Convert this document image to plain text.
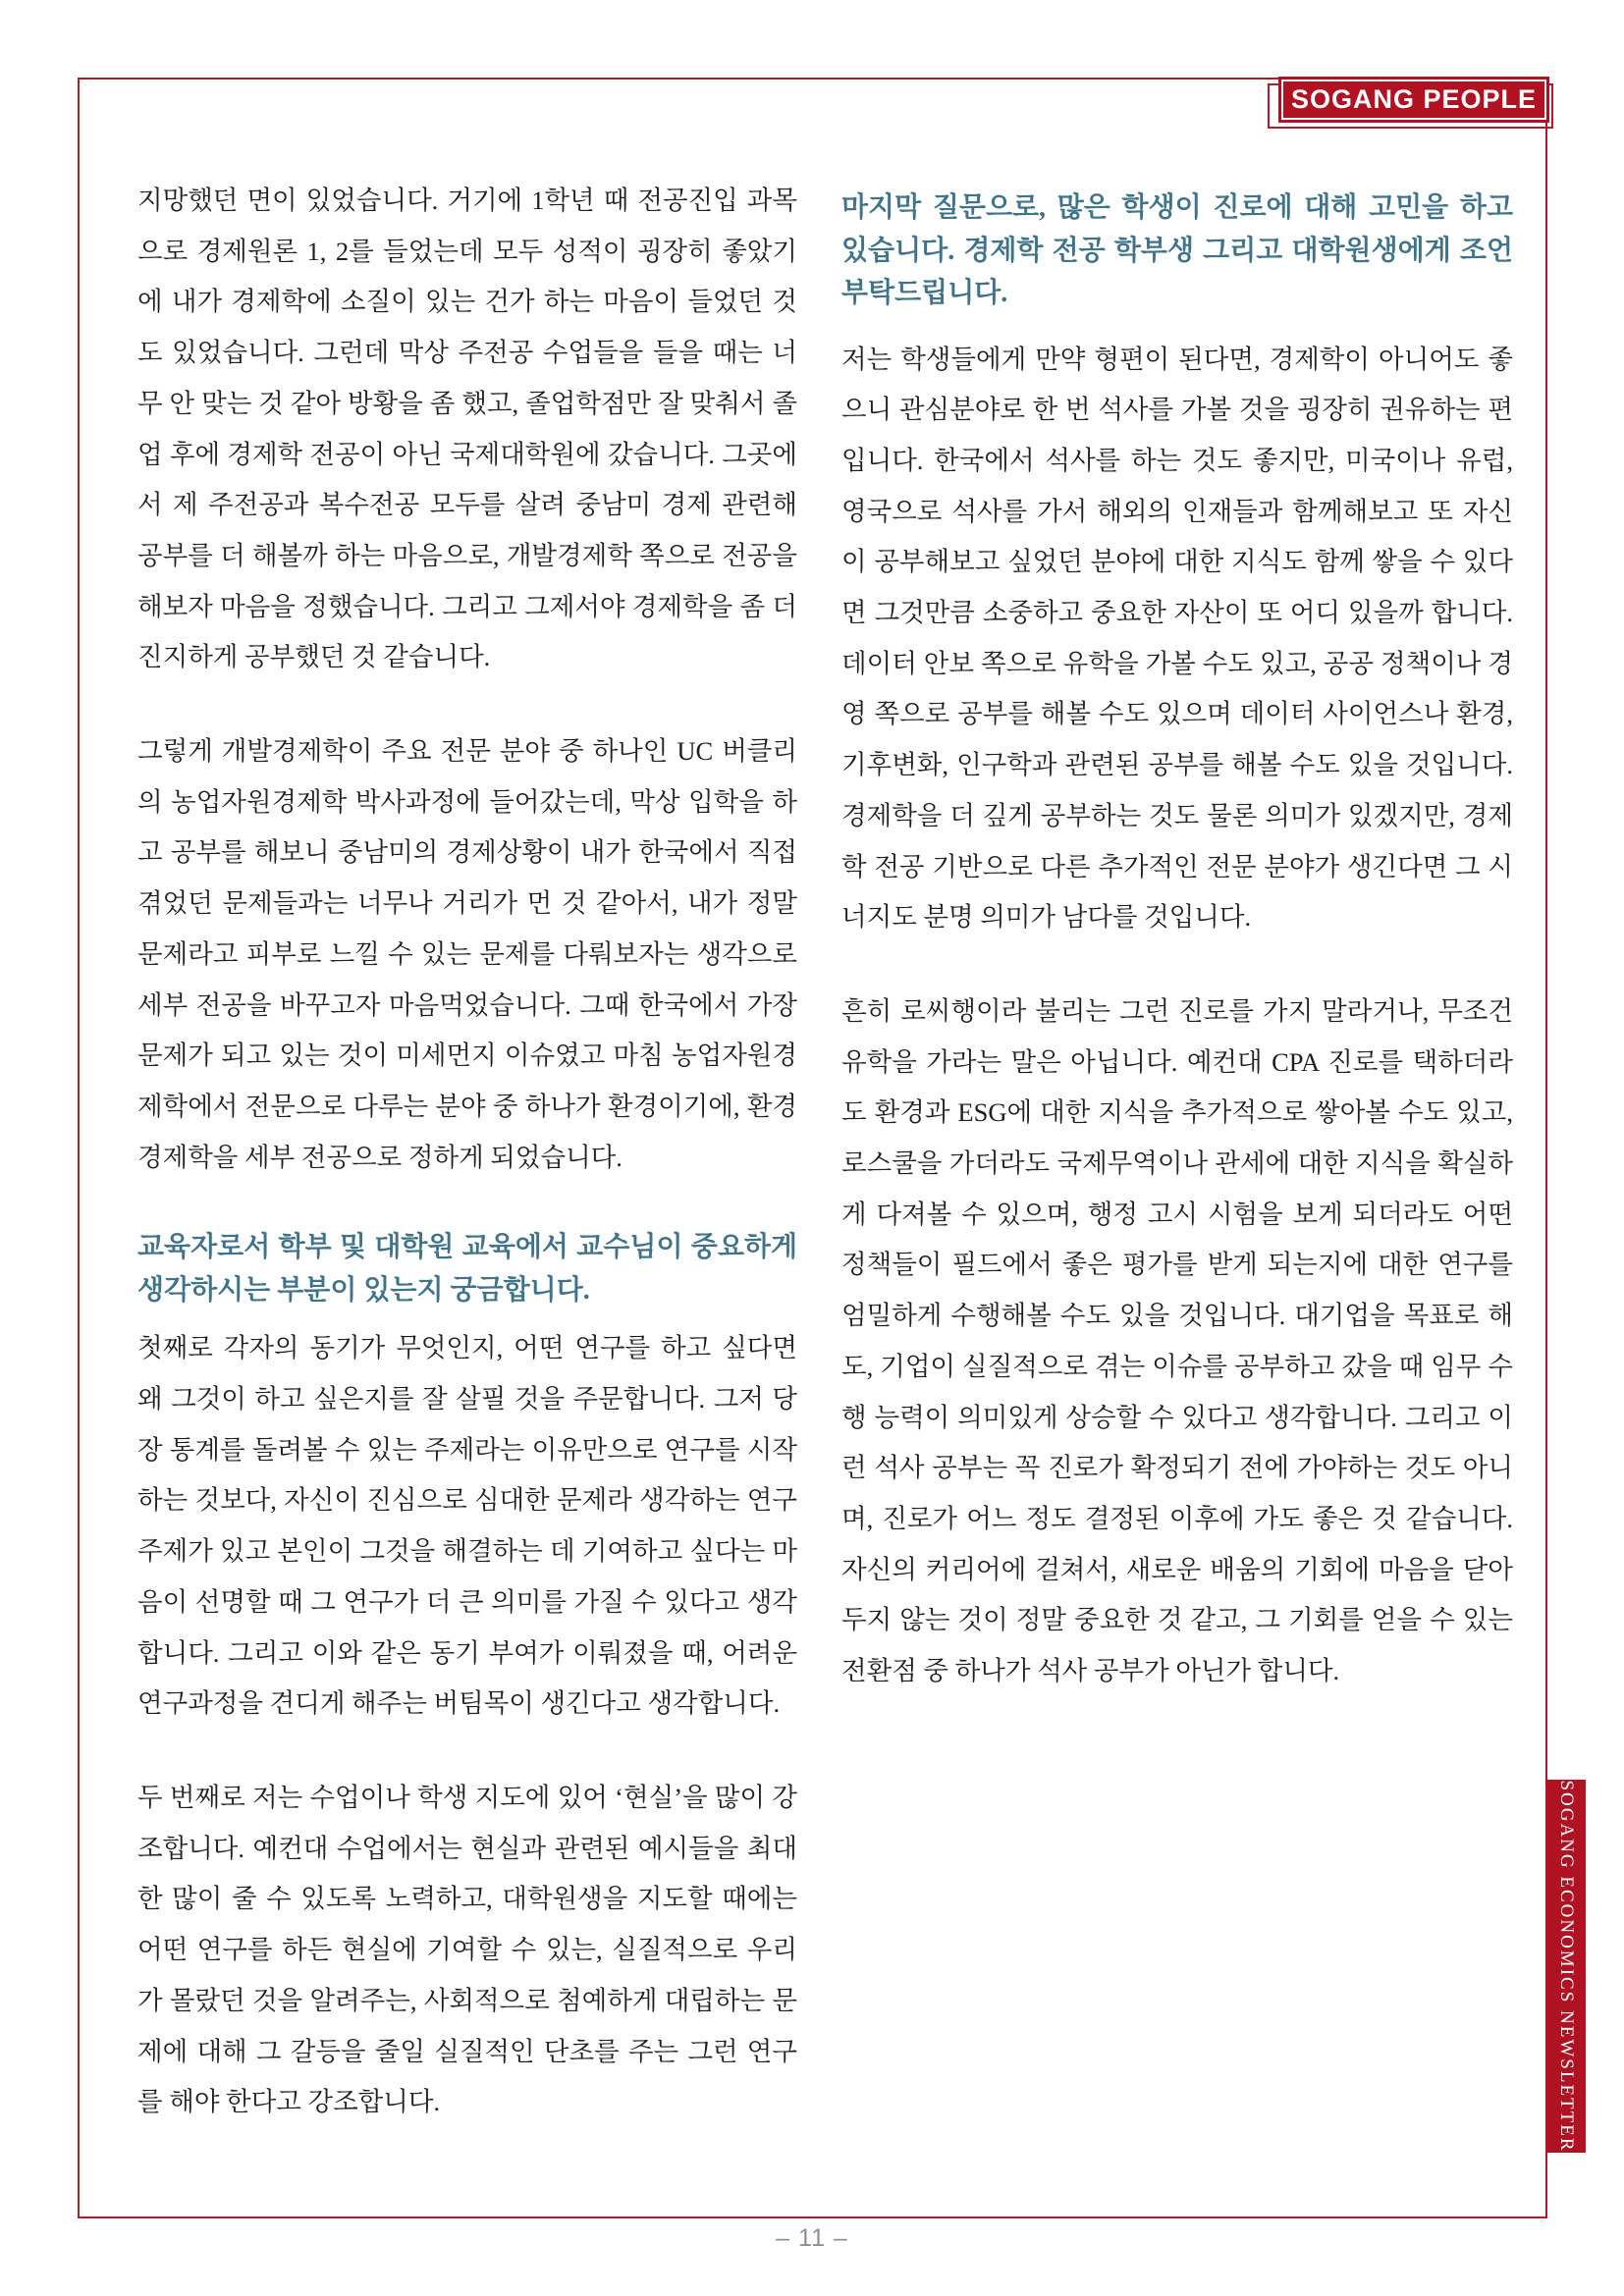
SOGANG PEOPLE

지망했던 면이 있었습니다. 거기에 1학년 때 전공진입 과목으로 경제원론 1, 2를 들었는데 모두 성적이 굉장히 좋았기에 내가 경제학에 소질이 있는 건가 하는 마음이 들었던 것도 있었습니다. 그런데 막상 주전공 수업들을 들을 때는 너무 안 맞는 것 같아 방황을 좀 했고, 졸업학점만 잘 맞춰서 졸업 후에 경제학 전공이 아닌 국제대학원에 갔습니다. 그곳에서 제 주전공과 복수전공 모두를 살려 중남미 경제 관련해 공부를 더 해볼까 하는 마음으로, 개발경제학 쪽으로 전공을 해보자 마음을 정했습니다. 그리고 그제서야 경제학을 좀 더 진지하게 공부했던 것 같습니다.

그렇게 개발경제학이 주요 전문 분야 중 하나인 UC 버클리의 농업자원경제학 박사과정에 들어갔는데, 막상 입학을 하고 공부를 해보니 중남미의 경제상황이 내가 한국에서 직접 겪었던 문제들과는 너무나 거리가 먼 것 같아서, 내가 정말 문제라고 피부로 느낄 수 있는 문제를 다뤄보자는 생각으로 세부 전공을 바꾸고자 마음먹었습니다. 그때 한국에서 가장 문제가 되고 있는 것이 미세먼지 이슈였고 마침 농업자원경제학에서 전문으로 다루는 분야 중 하나가 환경이기에, 환경경제학을 세부 전공으로 정하게 되었습니다.

교육자로서 학부 및 대학원 교육에서 교수님이 중요하게 생각하시는 부분이 있는지 궁금합니다.

첫째로 각자의 동기가 무엇인지, 어떤 연구를 하고 싶다면 왜 그것이 하고 싶은지를 잘 살필 것을 주문합니다. 그저 당장 통계를 돌려볼 수 있는 주제라는 이유만으로 연구를 시작하는 것보다, 자신이 진심으로 심대한 문제라 생각하는 연구 주제가 있고 본인이 그것을 해결하는 데 기여하고 싶다는 마음이 선명할 때 그 연구가 더 큰 의미를 가질 수 있다고 생각합니다. 그리고 이와 같은 동기 부여가 이뤄졌을 때, 어려운 연구과정을 견디게 해주는 버팀목이 생긴다고 생각합니다.

두 번째로 저는 수업이나 학생 지도에 있어 ‘현실’을 많이 강조합니다. 예컨대 수업에서는 현실과 관련된 예시들을 최대한 많이 줄 수 있도록 노력하고, 대학원생을 지도할 때에는 어떤 연구를 하든 현실에 기여할 수 있는, 실질적으로 우리가 몰랐던 것을 알려주는, 사회적으로 첨예하게 대립하는 문제에 대해 그 갈등을 줄일 실질적인 단초를 주는 그런 연구를 해야 한다고 강조합니다.

마지막 질문으로, 많은 학생이 진로에 대해 고민을 하고 있습니다. 경제학 전공 학부생 그리고 대학원생에게 조언 부탁드립니다.

저는 학생들에게 만약 형편이 된다면, 경제학이 아니어도 좋으니 관심분야로 한 번 석사를 가볼 것을 굉장히 권유하는 편입니다. 한국에서 석사를 하는 것도 좋지만, 미국이나 유럽, 영국으로 석사를 가서 해외의 인재들과 함께해보고 또 자신이 공부해보고 싶었던 분야에 대한 지식도 함께 쌓을 수 있다면 그것만큼 소중하고 중요한 자산이 또 어디 있을까 합니다. 데이터 안보 쪽으로 유학을 가볼 수도 있고, 공공 정책이나 경영 쪽으로 공부를 해볼 수도 있으며 데이터 사이언스나 환경, 기후변화, 인구학과 관련된 공부를 해볼 수도 있을 것입니다. 경제학을 더 깊게 공부하는 것도 물론 의미가 있겠지만, 경제학 전공 기반으로 다른 추가적인 전문 분야가 생긴다면 그 시너지도 분명 의미가 남다를 것입니다.

흔히 로씨행이라 불리는 그런 진로를 가지 말라거나, 무조건 유학을 가라는 말은 아닙니다. 예컨대 CPA 진로를 택하더라도 환경과 ESG에 대한 지식을 추가적으로 쌓아볼 수도 있고, 로스쿨을 가더라도 국제무역이나 관세에 대한 지식을 확실하게 다져볼 수 있으며, 행정 고시 시험을 보게 되더라도 어떤 정책들이 필드에서 좋은 평가를 받게 되는지에 대한 연구를 엄밀하게 수행해볼 수도 있을 것입니다. 대기업을 목표로 해도, 기업이 실질적으로 겪는 이슈를 공부하고 갔을 때 임무 수행 능력이 의미있게 상승할 수 있다고 생각합니다. 그리고 이런 석사 공부는 꼭 진로가 확정되기 전에 가야하는 것도 아니며, 진로가 어느 정도 결정된 이후에 가도 좋은 것 같습니다. 자신의 커리어에 걸쳐서, 새로운 배움의 기회에 마음을 닫아두지 않는 것이 정말 중요한 것 같고, 그 기회를 얻을 수 있는 전환점 중 하나가 석사 공부가 아닌가 합니다.

SOGANG ECONOMICS NEWSLETTER
– 11 –
